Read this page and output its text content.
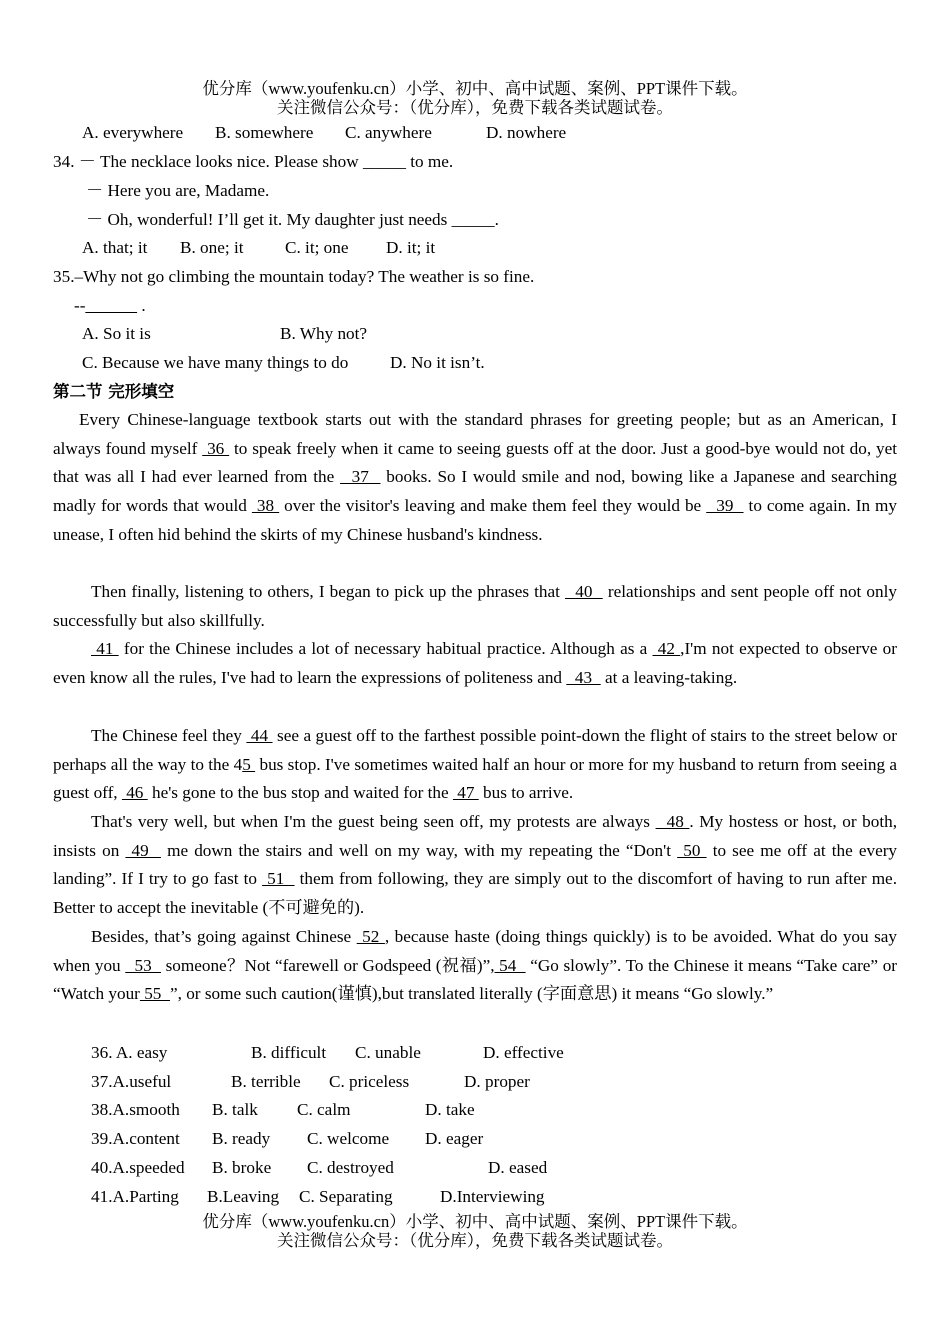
优分库（www.youfenku.cn）小学、初中、高中试题、案例、PPT课件下载。
关注微信公众号：（优分库），免费下载各类试题试卷。
A. everywhere B. somewhere C. anywhere	D. nowhere
34. － The necklace looks nice. Please show _____ to me.
－ Here you are, Madame.
－ Oh, wonderful! I’ll get it. My daughter just needs _____.
A. that; it B. one; it C. it; one D. it; it
35.–Why not go climbing the mountain today? The weather is so fine.
--______ .
A. So it is	B. Why not?
C. Because we have many things to do D. No it isn’t.
第二节 完形填空
Every Chinese-language textbook starts out with the standard phrases for greeting people; but as an American, I always found myself  36  to speak freely when it came to seeing guests off at the door. Just a good-bye would not do, yet that was all I had ever learned from the   37   books. So I would smile and nod, bowing like a Japanese and searching madly for words that would  38  over the visitor's leaving and make them feel they would be   39   to come again. In my unease, I often hid behind the skirts of my Chinese husband's kindness.
Then finally, listening to others, I began to pick up the phrases that   40   relationships and sent people off not only successfully but also skillfully.
41  for the Chinese includes a lot of necessary habitual practice. Although as a  42 ,I'm not expected to observe or even know all the rules, I've had to learn the expressions of politeness and   43   at a leaving-taking.
The Chinese feel they  44  see a guest off to the farthest possible point-down the flight of stairs to the street below or perhaps all the way to the 45  bus stop. I've sometimes waited half an hour or more for my husband to return from seeing a guest off,  46  he's gone to the bus stop and waited for the  47  bus to arrive.
That's very well, but when I'm the guest being seen off, my protests are always   48 . My hostess or host, or both, insists on  49   me down the stairs and well on my way, with my repeating the “Don't  50  to see me off at the every landing”. If I try to go fast to  51   them from following, they are simply out to the discomfort of having to run after me. Better to accept the inevitable (不可避免的).
Besides, that’s going against Chinese  52 , because haste (doing things quickly) is to be avoided. What do you say when you   53   someone？Not “farewell or Godspeed (祝福)”, 54   “Go slowly”. To the Chinese it means “Take care” or “Watch your 55  ”, or some such caution(谨慎),but translated literally (字面意思) it means “Go slowly.”
36. A. easy	B. difficult C. unable	D. effective
37.A.useful	B. terrible C. priceless	D. proper
38.A.smooth B. talk C. calm	D. take
39.A.content B. ready C. welcome D. eager
40.A.speeded B. broke C. destroyed	D. eased
41.A.Parting B.Leaving C. Separating	D.Interviewing
优分库（www.youfenku.cn）小学、初中、高中试题、案例、PPT课件下载。
关注微信公众号：（优分库），免费下载各类试题试卷。
